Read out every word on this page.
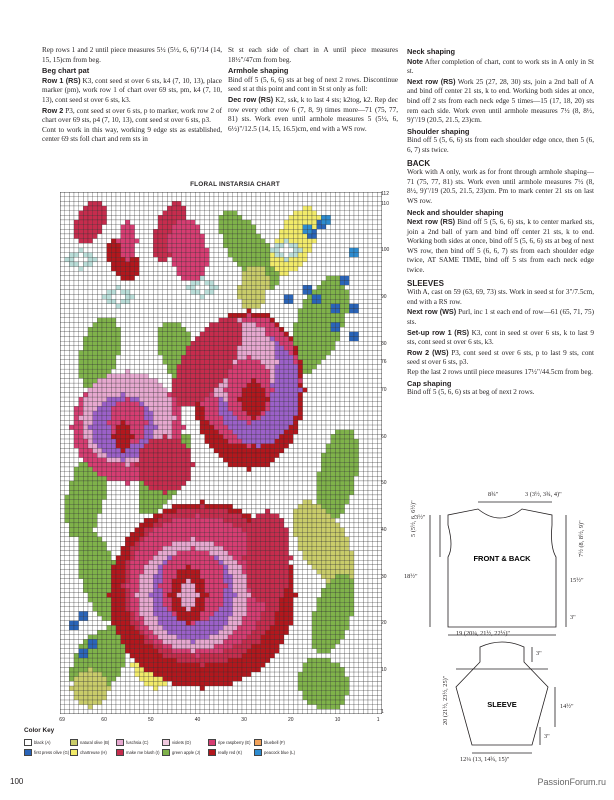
Rep rows 1 and 2 until piece measures 5½ (5½, 6, 6)"/14 (14, 15, 15)cm from beg.

Beg chart pat

Row 1 (RS) K3, cont seed st over 6 sts, k4 (7, 10, 13), place marker (pm), work row 1 of chart over 69 sts, pm, k4 (7, 10, 13), cont seed st over 6 sts, k3.

Row 2 P3, cont seed st over 6 sts, p to marker, work row 2 of chart over 69 sts, p4 (7, 10, 13), cont seed st over 6 sts, p3.

Cont to work in this way, working 9 edge sts as established, center 69 sts foll chart and rem sts in

St st each side of chart in A until piece measures 18½"/47cm from beg.

Armhole shaping

Bind off 5 (5, 6, 6) sts at beg of next 2 rows. Discontinue seed st at this point and cont in St st only as foll:

Dec row (RS) K2, ssk, k to last 4 sts; k2tog, k2. Rep dec row every other row 6 (7, 8, 9) times more—71 (75, 77, 81) sts. Work even until armhole measures 5 (5½, 6, 6½)"/12.5 (14, 15, 16.5)cm, end with a WS row.

Neck shaping

Note After completion of chart, cont to work sts in A only in St st.

Next row (RS) Work 25 (27, 28, 30) sts, join a 2nd ball of A and bind off center 21 sts, k to end. Working both sides at once, bind off 2 sts from each neck edge 5 times—15 (17, 18, 20) sts rem each side. Work even until armhole measures 7½ (8, 8½, 9)"/19 (20.5, 21.5, 23)cm.

Shoulder shaping

Bind off 5 (5, 6, 6) sts from each shoulder edge once, then 5 (6, 6, 7) sts twice.

BACK

Work with A only, work as for front through armhole shaping—71 (75, 77, 81) sts. Work even until armhole measures 7½ (8, 8½, 9)"/19 (20.5, 21.5, 23)cm. Pm to mark center 21 sts on last WS row.

Neck and shoulder shaping

Next row (RS) Bind off 5 (5, 6, 6) sts, k to center marked sts, join a 2nd ball of yarn and bind off center 21 sts, k to end. Working both sides at once, bind off 5 (5, 6, 6) sts at beg of next WS row, then bind off 5 (6, 6, 7) sts from each shoulder edge twice, AT SAME TIME, bind off 5 sts from each neck edge twice.

SLEEVES

With A, cast on 59 (63, 69, 73) sts. Work in seed st for 3"/7.5cm, end with a RS row.

Next row (WS) Purl, inc 1 st each end of row—61 (65, 71, 75) sts.

Set-up row 1 (RS) K3, cont in seed st over 6 sts, k to last 9 sts, cont seed st over 6 sts, k3.

Row 2 (WS) P3, cont seed st over 6 sts, p to last 9 sts, cont seed st over 6 sts, p3.

Rep the last 2 rows until piece measures 17½"/44.5cm from beg.

Cap shaping

Bind off 5 (5, 6, 6) sts at beg of next 2 rows.

FLORAL INSTARSIA CHART
112
110
100
90
80
76
70
60
50
40
30
20
10
1
69	60	50	40	30	20	10	1
Color Key
black (A)	natural olive (B)	fuschsia (C)	violets (D)	ripe raspberry (E)	bluebell (F)
first press olive (G)	chartreuse (H)	make me blush (I)	green apple (J)	really red (K)	peacock blue (L)
FRONT & BACK
SLEEVE
8¾"	3 (3½, 3¾, 4)"
3½"
5 (5½, 6, 6½)"
18½"
7½ (8, 8½, 9)"
15½"
3"
19 (20¼, 21½, 22½)"
3"
20 (21½, 23½, 25)"	14½"
3"
12¼ (13, 14¾, 15)"
100	PassionForum.ru
